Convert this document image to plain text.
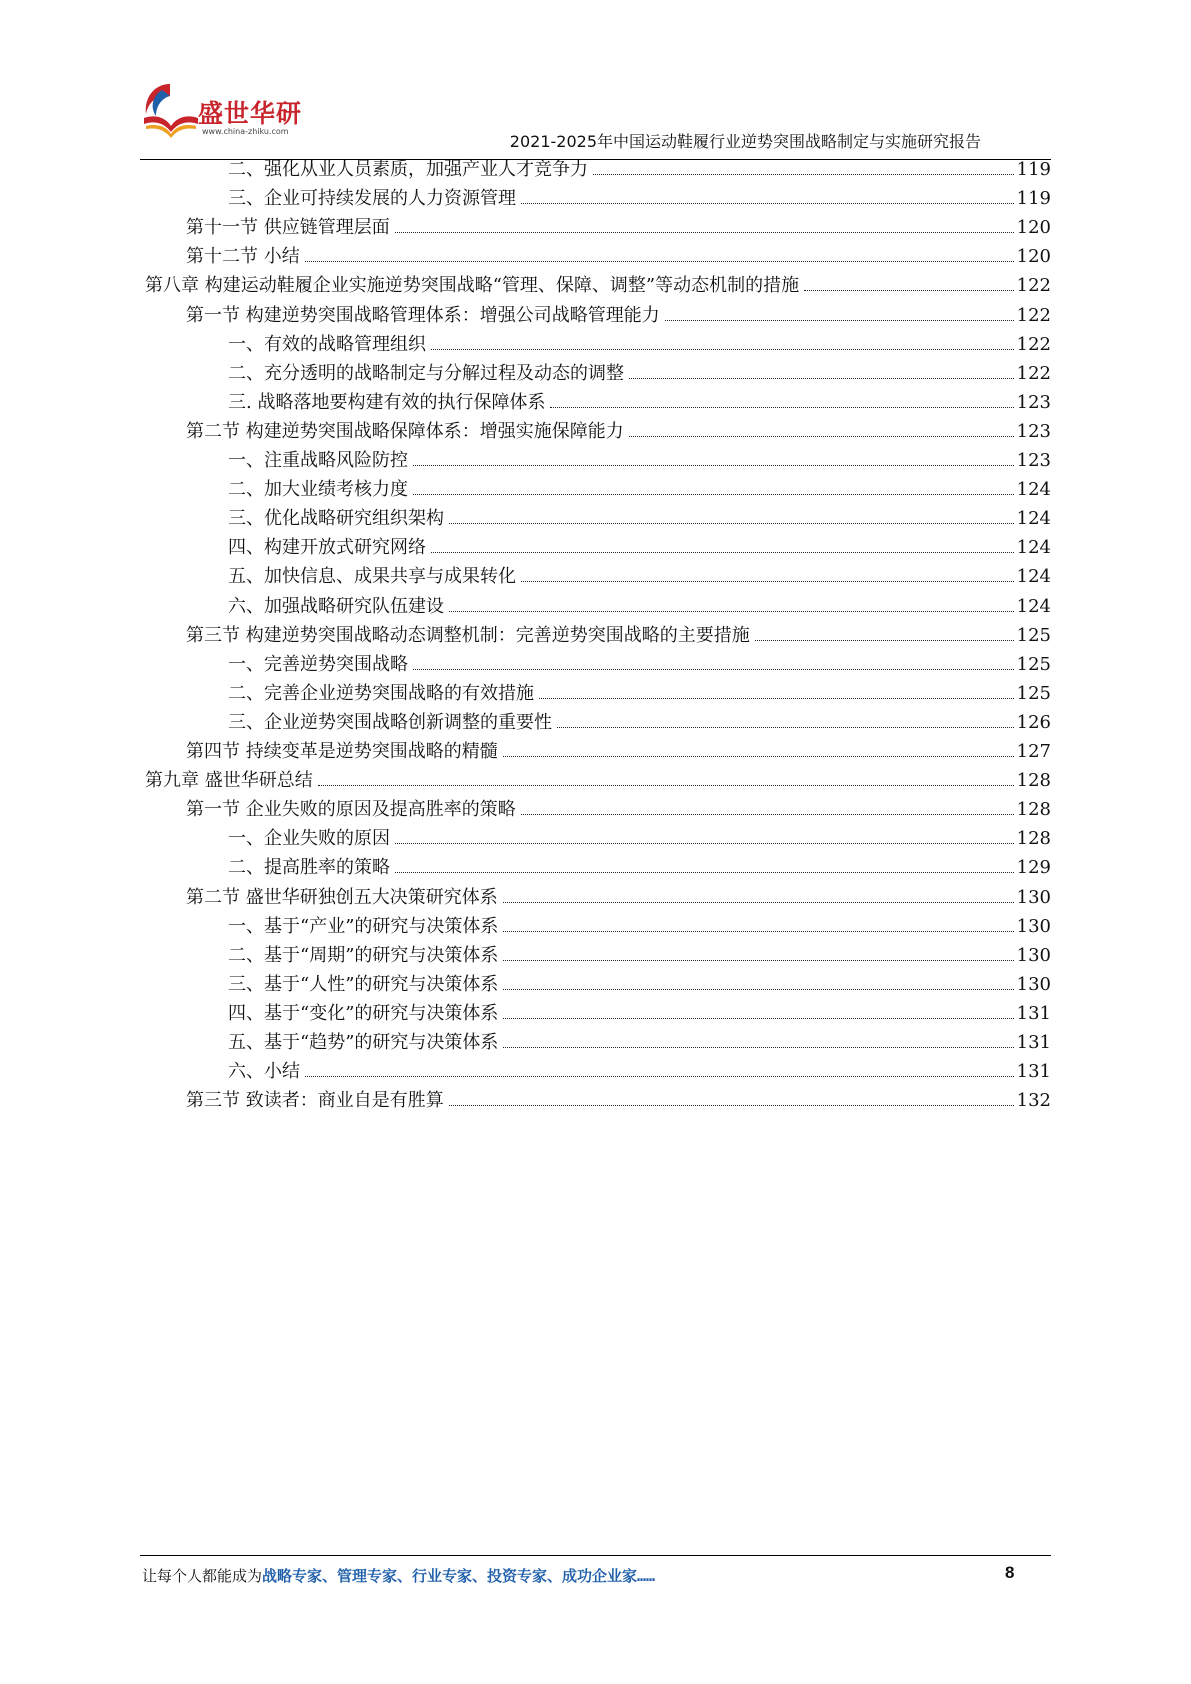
盛世华研
www.china-zhiku.com
2021-2025年中国运动鞋履行业逆势突围战略制定与实施研究报告
二、强化从业人员素质，加强产业人才竞争力	119
三、企业可持续发展的人力资源管理	119
第十一节 供应链管理层面	120
第十二节 小结	120
第八章 构建运动鞋履企业实施逆势突围战略“管理、保障、调整”等动态机制的措施	122
第一节 构建逆势突围战略管理体系：增强公司战略管理能力	122
一、有效的战略管理组织	122
二、充分透明的战略制定与分解过程及动态的调整	122
三. 战略落地要构建有效的执行保障体系	123
第二节 构建逆势突围战略保障体系：增强实施保障能力	123
一、注重战略风险防控	123
二、加大业绩考核力度	124
三、优化战略研究组织架构	124
四、构建开放式研究网络	124
五、加快信息、成果共享与成果转化	124
六、加强战略研究队伍建设	124
第三节 构建逆势突围战略动态调整机制：完善逆势突围战略的主要措施	125
一、完善逆势突围战略	125
二、完善企业逆势突围战略的有效措施	125
三、企业逆势突围战略创新调整的重要性	126
第四节 持续变革是逆势突围战略的精髓	127
第九章 盛世华研总结	128
第一节 企业失败的原因及提高胜率的策略	128
一、企业失败的原因	128
二、提高胜率的策略	129
第二节 盛世华研独创五大决策研究体系	130
一、基于“产业”的研究与决策体系	130
二、基于“周期”的研究与决策体系	130
三、基于“人性”的研究与决策体系	130
四、基于“变化”的研究与决策体系	131
五、基于“趋势”的研究与决策体系	131
六、小结	131
第三节 致读者：商业自是有胜算	132
让每个人都能成为战略专家、管理专家、行业专家、投资专家、成功企业家……	8
